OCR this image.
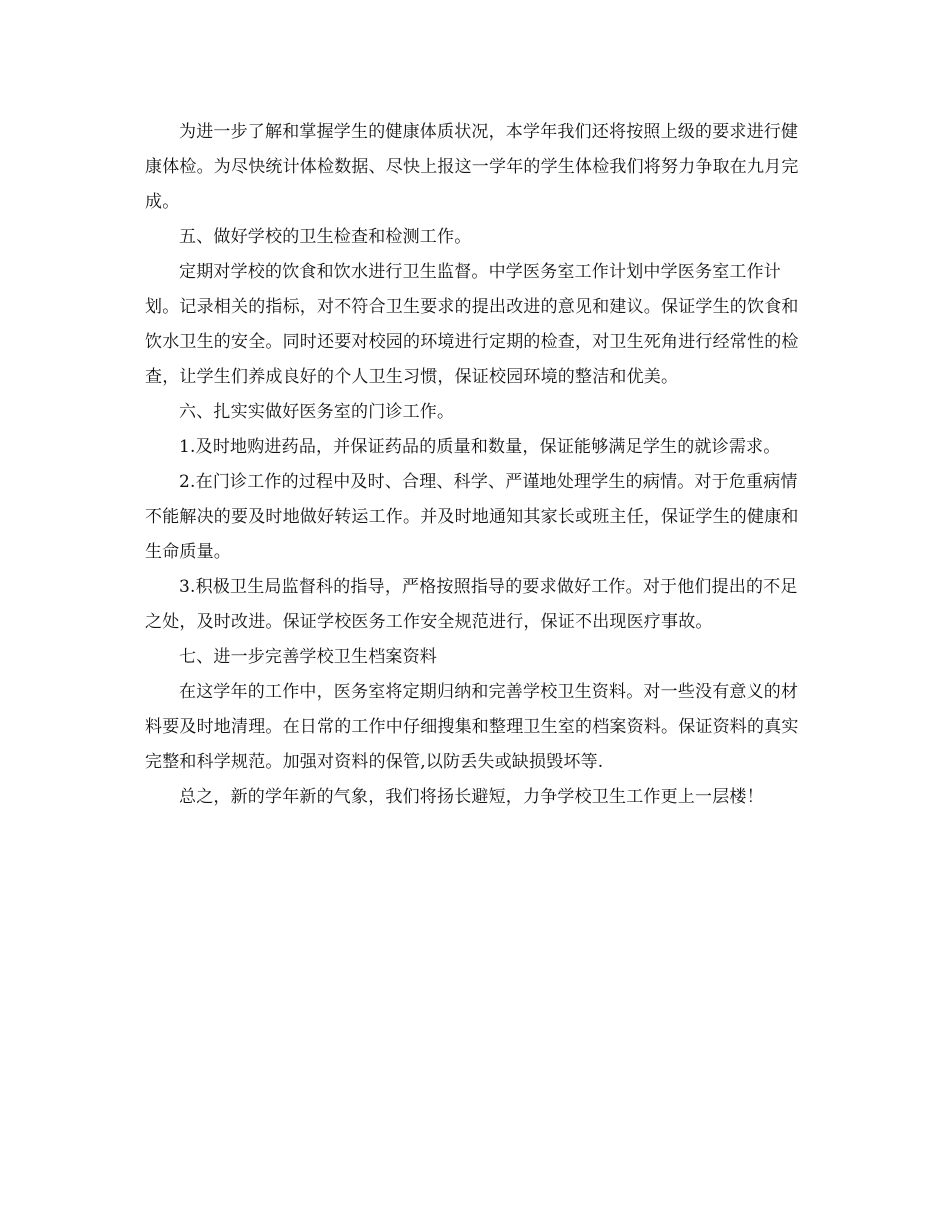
为进一步了解和掌握学生的健康体质状况，本学年我们还将按照上级的要求进行健康体检。为尽快统计体检数据、尽快上报这一学年的学生体检我们将努力争取在九月完成。

五、做好学校的卫生检查和检测工作。

定期对学校的饮食和饮水进行卫生监督。中学医务室工作计划中学医务室工作计划。记录相关的指标，对不符合卫生要求的提出改进的意见和建议。保证学生的饮食和饮水卫生的安全。同时还要对校园的环境进行定期的检查，对卫生死角进行经常性的检查，让学生们养成良好的个人卫生习惯，保证校园环境的整洁和优美。

六、扎实实做好医务室的门诊工作。

1.及时地购进药品，并保证药品的质量和数量，保证能够满足学生的就诊需求。

2.在门诊工作的过程中及时、合理、科学、严谨地处理学生的病情。对于危重病情不能解决的要及时地做好转运工作。并及时地通知其家长或班主任，保证学生的健康和生命质量。

3.积极卫生局监督科的指导，严格按照指导的要求做好工作。对于他们提出的不足之处，及时改进。保证学校医务工作安全规范进行，保证不出现医疗事故。

七、进一步完善学校卫生档案资料

在这学年的工作中，医务室将定期归纳和完善学校卫生资料。对一些没有意义的材料要及时地清理。在日常的工作中仔细搜集和整理卫生室的档案资料。保证资料的真实完整和科学规范。加强对资料的保管,以防丢失或缺损毁坏等.

总之，新的学年新的气象，我们将扬长避短，力争学校卫生工作更上一层楼！
